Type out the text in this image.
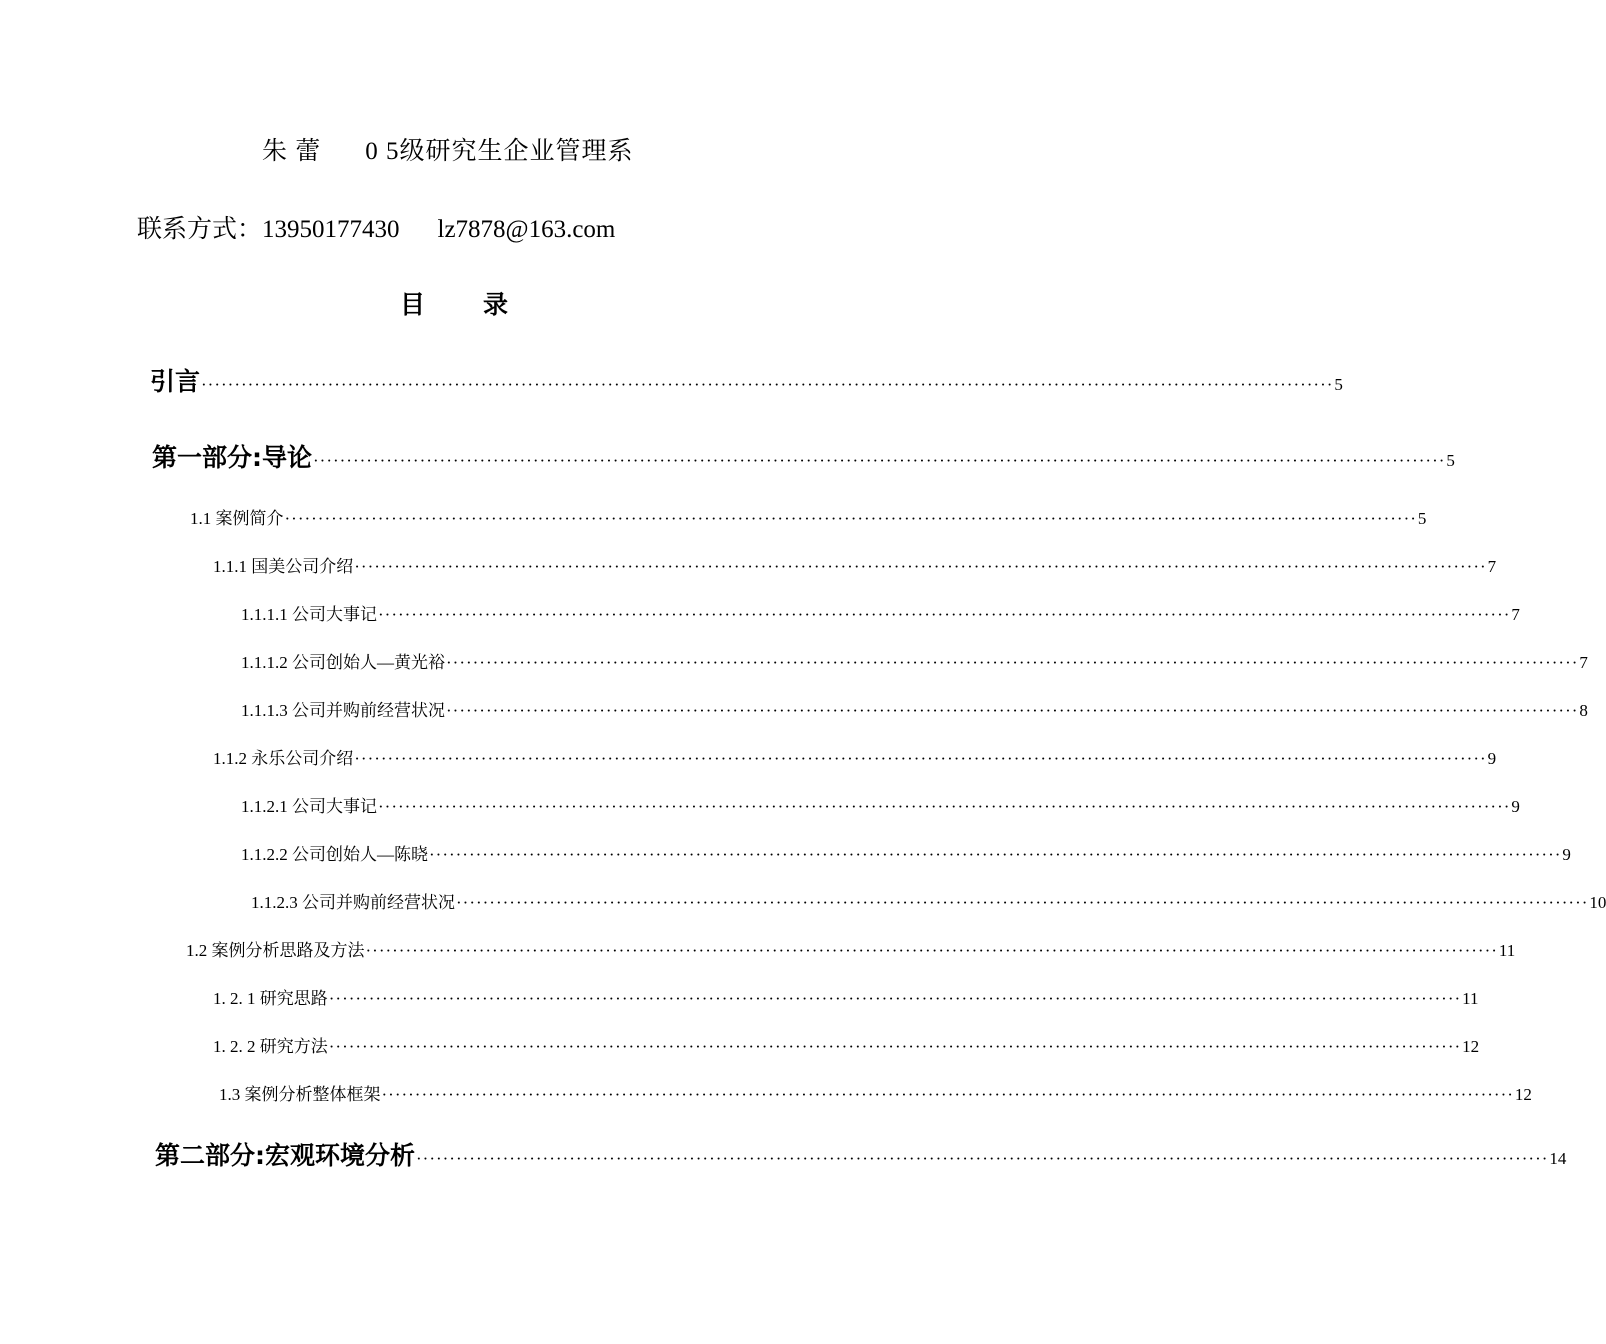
朱 蕾 0 5级研究生企业管理系
联系方式：13950177430 lz7878@163.com
目 录
引言 ·········································································································································································· 5
第一部分:导论 ·········································································································································································· 5
1.1 案例简介 ·········································································································································································· 5
1.1.1 国美公司介绍 ·········································································································································································· 7
1.1.1.1 公司大事记 ·········································································································································································· 7
1.1.1.2 公司创始人—黄光裕 ·········································································································································································· 7
1.1.1.3 公司并购前经营状况 ·········································································································································································· 8
1.1.2 永乐公司介绍 ·········································································································································································· 9
1.1.2.1 公司大事记 ·········································································································································································· 9
1.1.2.2 公司创始人—陈晓 ·········································································································································································· 9
1.1.2.3 公司并购前经营状况 ·········································································································································································· 10
1.2 案例分析思路及方法 ·········································································································································································· 11
1. 2. 1 研究思路 ·········································································································································································· 11
1. 2. 2 研究方法 ·········································································································································································· 12
1.3 案例分析整体框架 ·········································································································································································· 12
第二部分:宏观环境分析 ·········································································································································································· 14
